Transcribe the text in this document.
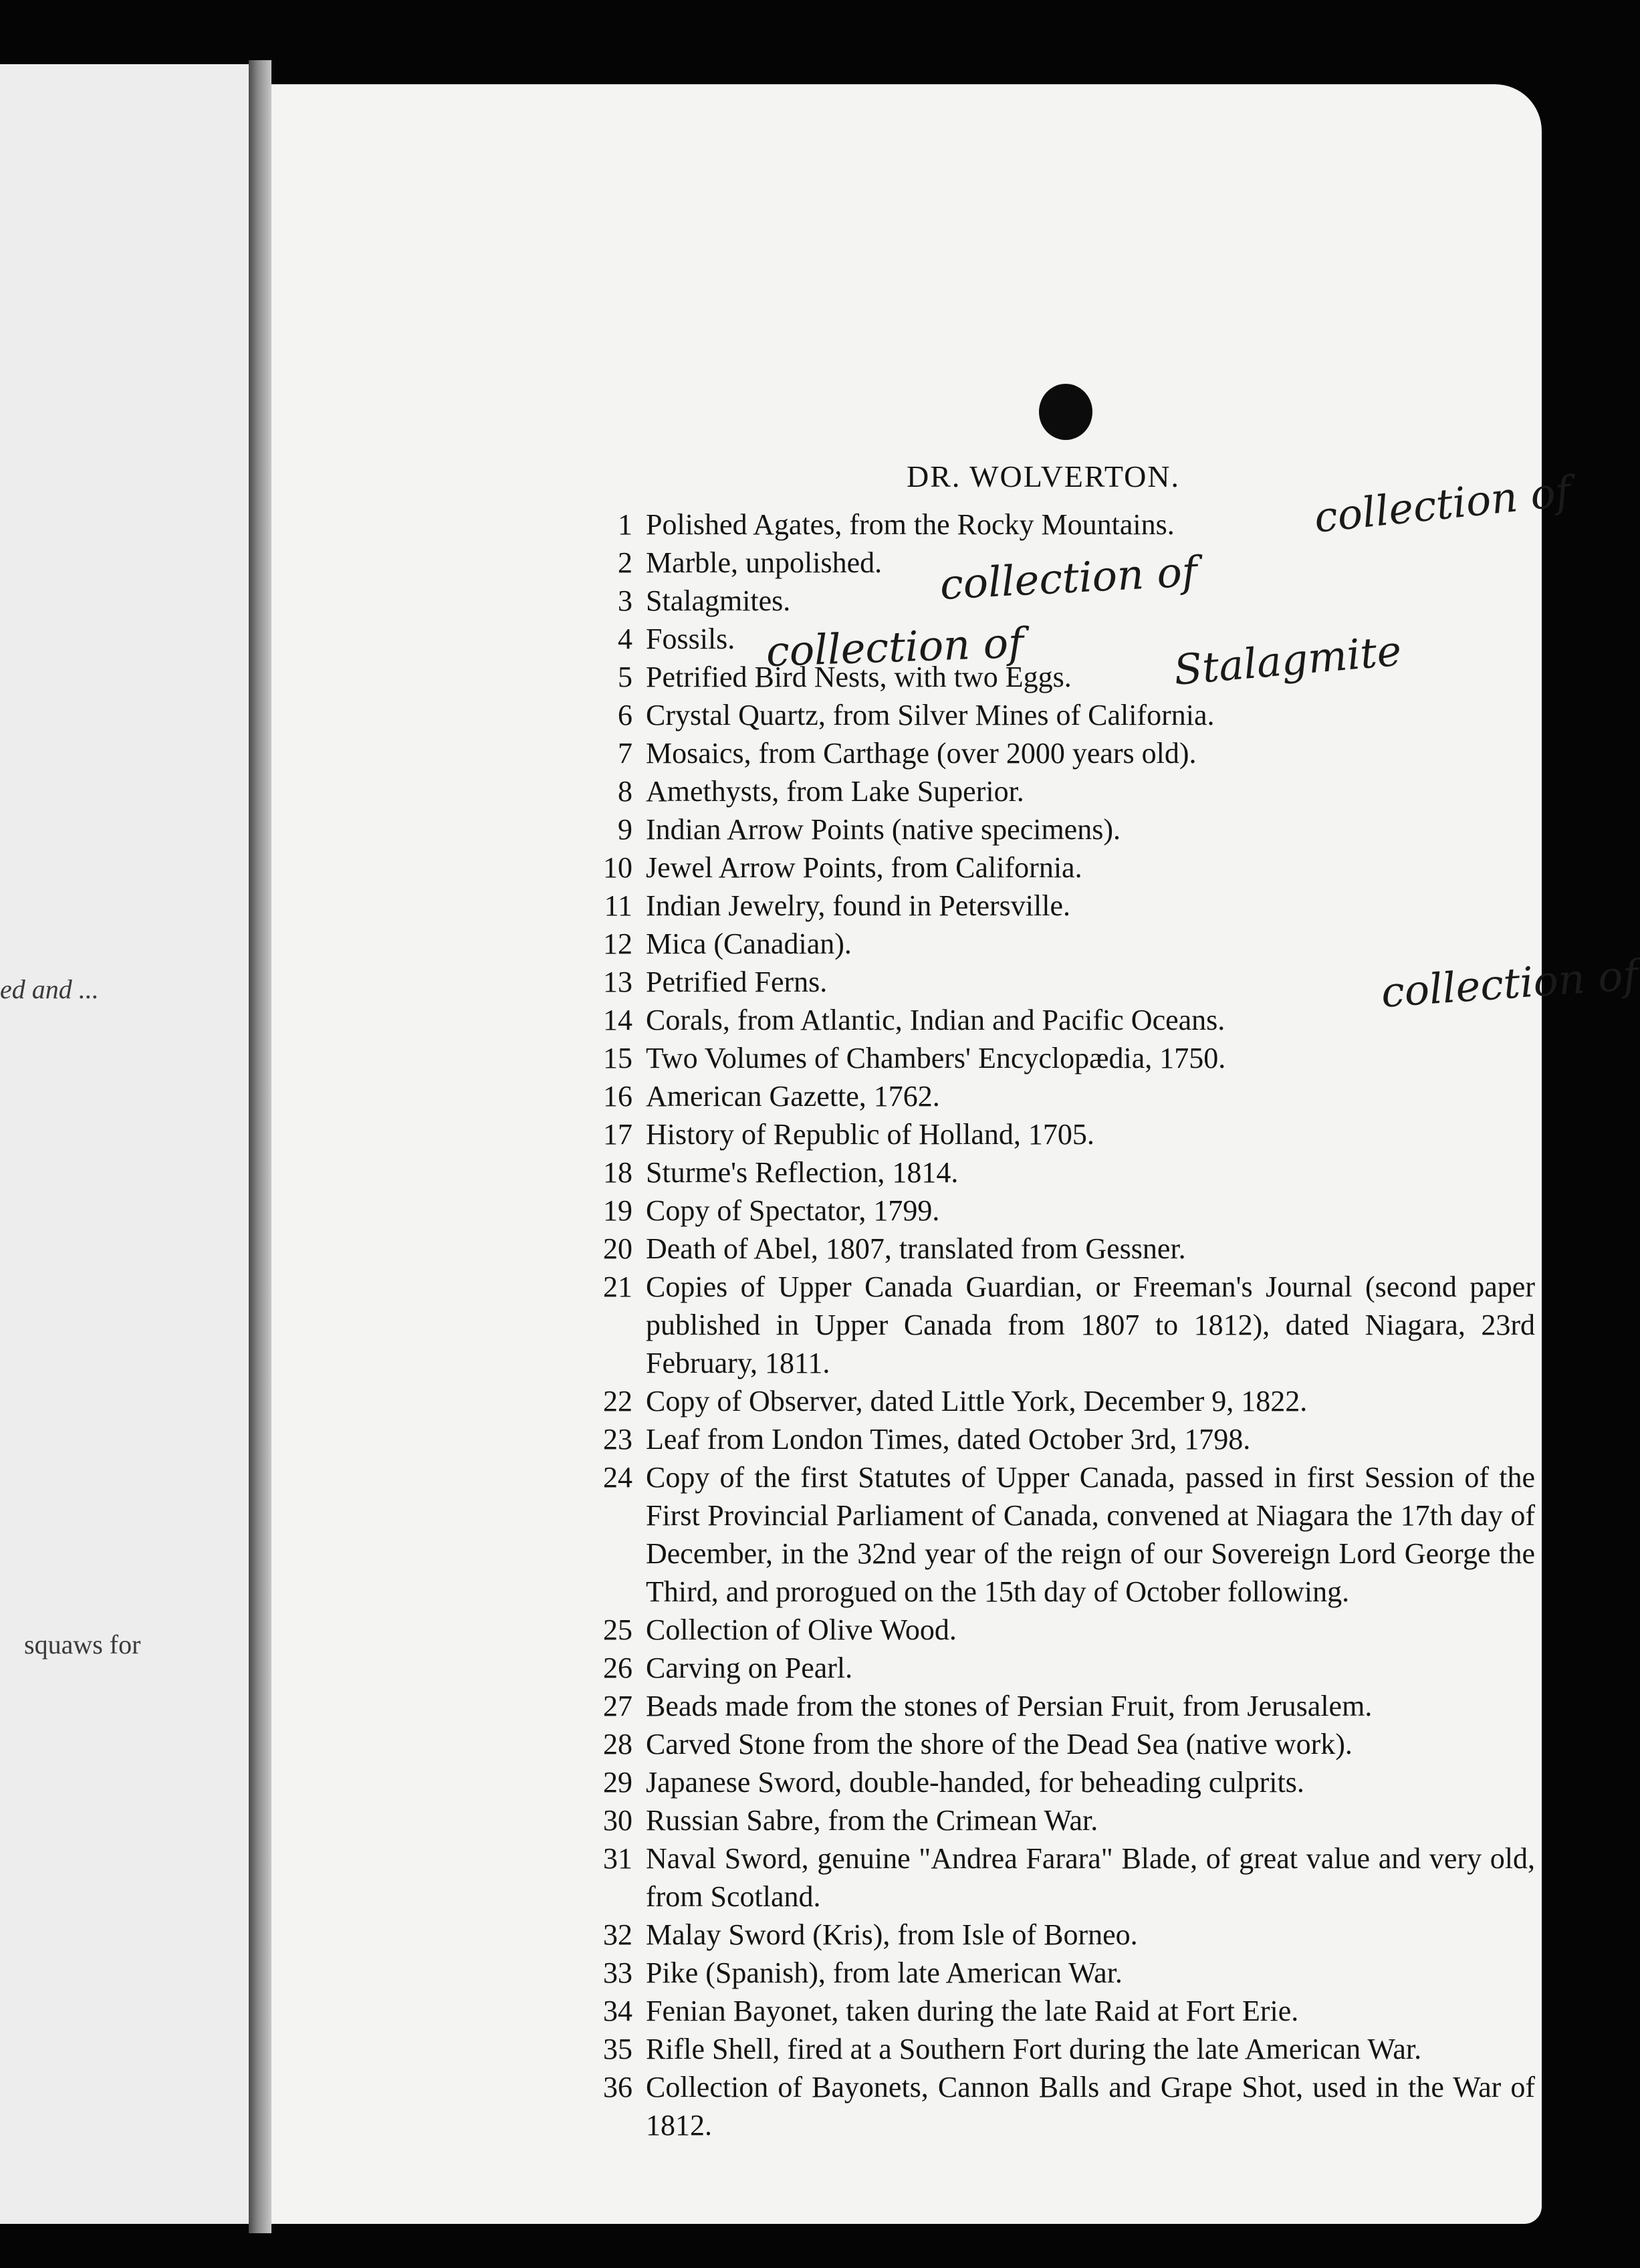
ed and ...
squaws for
DR. WOLVERTON.
1 Polished Agates, from the Rocky Mountains.
2 Marble, unpolished.
3 Stalagmites.
4 Fossils.
5 Petrified Bird Nests, with two Eggs.
6 Crystal Quartz, from Silver Mines of California.
7 Mosaics, from Carthage (over 2000 years old).
8 Amethysts, from Lake Superior.
9 Indian Arrow Points (native specimens).
10 Jewel Arrow Points, from California.
11 Indian Jewelry, found in Petersville.
12 Mica (Canadian).
13 Petrified Ferns.
14 Corals, from Atlantic, Indian and Pacific Oceans.
15 Two Volumes of Chambers' Encyclopædia, 1750.
16 American Gazette, 1762.
17 History of Republic of Holland, 1705.
18 Sturme's Reflection, 1814.
19 Copy of Spectator, 1799.
20 Death of Abel, 1807, translated from Gessner.
21 Copies of Upper Canada Guardian, or Freeman's Journal (second paper published in Upper Canada from 1807 to 1812), dated Niagara, 23rd February, 1811.
22 Copy of Observer, dated Little York, December 9, 1822.
23 Leaf from London Times, dated October 3rd, 1798.
24 Copy of the first Statutes of Upper Canada, passed in first Session of the First Provincial Parliament of Canada, convened at Niagara the 17th day of December, in the 32nd year of the reign of our Sovereign Lord George the Third, and prorogued on the 15th day of October following.
25 Collection of Olive Wood.
26 Carving on Pearl.
27 Beads made from the stones of Persian Fruit, from Jerusalem.
28 Carved Stone from the shore of the Dead Sea (native work).
29 Japanese Sword, double-handed, for beheading culprits.
30 Russian Sabre, from the Crimean War.
31 Naval Sword, genuine "Andrea Farara" Blade, of great value and very old, from Scotland.
32 Malay Sword (Kris), from Isle of Borneo.
33 Pike (Spanish), from late American War.
34 Fenian Bayonet, taken during the late Raid at Fort Erie.
35 Rifle Shell, fired at a Southern Fort during the late American War.
36 Collection of Bayonets, Cannon Balls and Grape Shot, used in the War of 1812.
collection of
collection of
collection of	Stalagmite
collection of
